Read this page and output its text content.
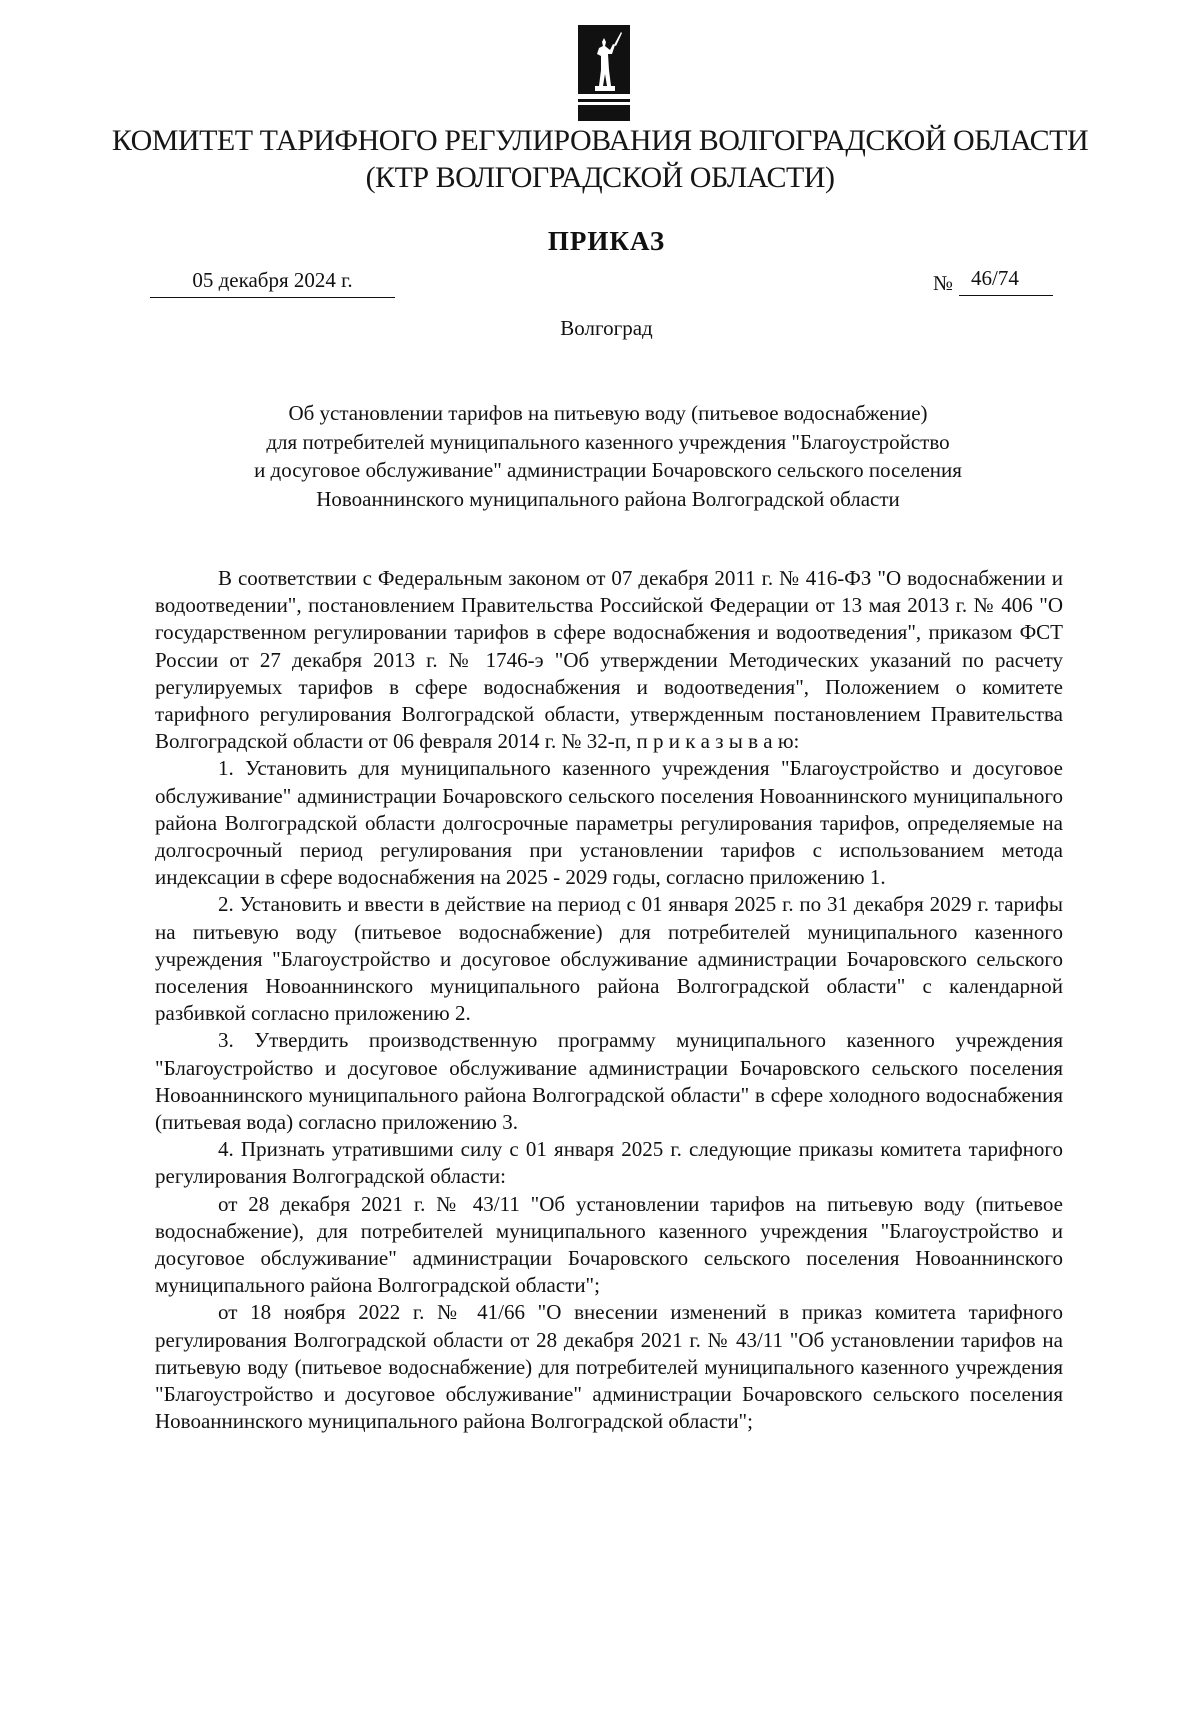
КОМИТЕТ ТАРИФНОГО РЕГУЛИРОВАНИЯ ВОЛГОГРАДСКОЙ ОБЛАСТИ
(КТР ВОЛГОГРАДСКОЙ ОБЛАСТИ)
ПРИКАЗ
05 декабря 2024 г.	№ 46/74
Волгоград
Об установлении тарифов на питьевую воду (питьевое водоснабжение)
для потребителей муниципального казенного учреждения "Благоустройство
и досуговое обслуживание" администрации Бочаровского сельского поселения
Новоаннинского муниципального района Волгоградской области

В соответствии с Федеральным законом от 07 декабря 2011 г. № 416-ФЗ "О водоснабжении и водоотведении", постановлением Правительства Российской Федерации от 13 мая 2013 г. № 406 "О государственном регулировании тарифов в сфере водоснабжения и водоотведения", приказом ФСТ России от 27 декабря 2013 г. № 1746-э "Об утверждении Методических указаний по расчету регулируемых тарифов в сфере водоснабжения и водоотведения", Положением о комитете тарифного регулирования Волгоградской области, утвержденным постановлением Правительства Волгоградской области от 06 февраля 2014 г. № 32-п, п р и к а з ы в а ю:

1. Установить для муниципального казенного учреждения "Благоустройство и досуговое обслуживание" администрации Бочаровского сельского поселения Новоаннинского муниципального района Волгоградской области долгосрочные параметры регулирования тарифов, определяемые на долгосрочный период регулирования при установлении тарифов с использованием метода индексации в сфере водоснабжения на 2025 - 2029 годы, согласно приложению 1.

2. Установить и ввести в действие на период с 01 января 2025 г. по 31 декабря 2029 г. тарифы на питьевую воду (питьевое водоснабжение) для потребителей муниципального казенного учреждения "Благоустройство и досуговое обслуживание администрации Бочаровского сельского поселения Новоаннинского муниципального района Волгоградской области" с календарной разбивкой согласно приложению 2.

3. Утвердить производственную программу муниципального казенного учреждения "Благоустройство и досуговое обслуживание администрации Бочаровского сельского поселения Новоаннинского муниципального района Волгоградской области" в сфере холодного водоснабжения (питьевая вода) согласно приложению 3.

4. Признать утратившими силу с 01 января 2025 г. следующие приказы комитета тарифного регулирования Волгоградской области:

от 28 декабря 2021 г. № 43/11 "Об установлении тарифов на питьевую воду (питьевое водоснабжение), для потребителей муниципального казенного учреждения "Благоустройство и досуговое обслуживание" администрации Бочаровского сельского поселения Новоаннинского муниципального района Волгоградской области";

от 18 ноября 2022 г. № 41/66 "О внесении изменений в приказ комитета тарифного регулирования Волгоградской области от 28 декабря 2021 г. № 43/11 "Об установлении тарифов на питьевую воду (питьевое водоснабжение) для потребителей муниципального казенного учреждения "Благоустройство и досуговое обслуживание" администрации Бочаровского сельского поселения Новоаннинского муниципального района Волгоградской области";
